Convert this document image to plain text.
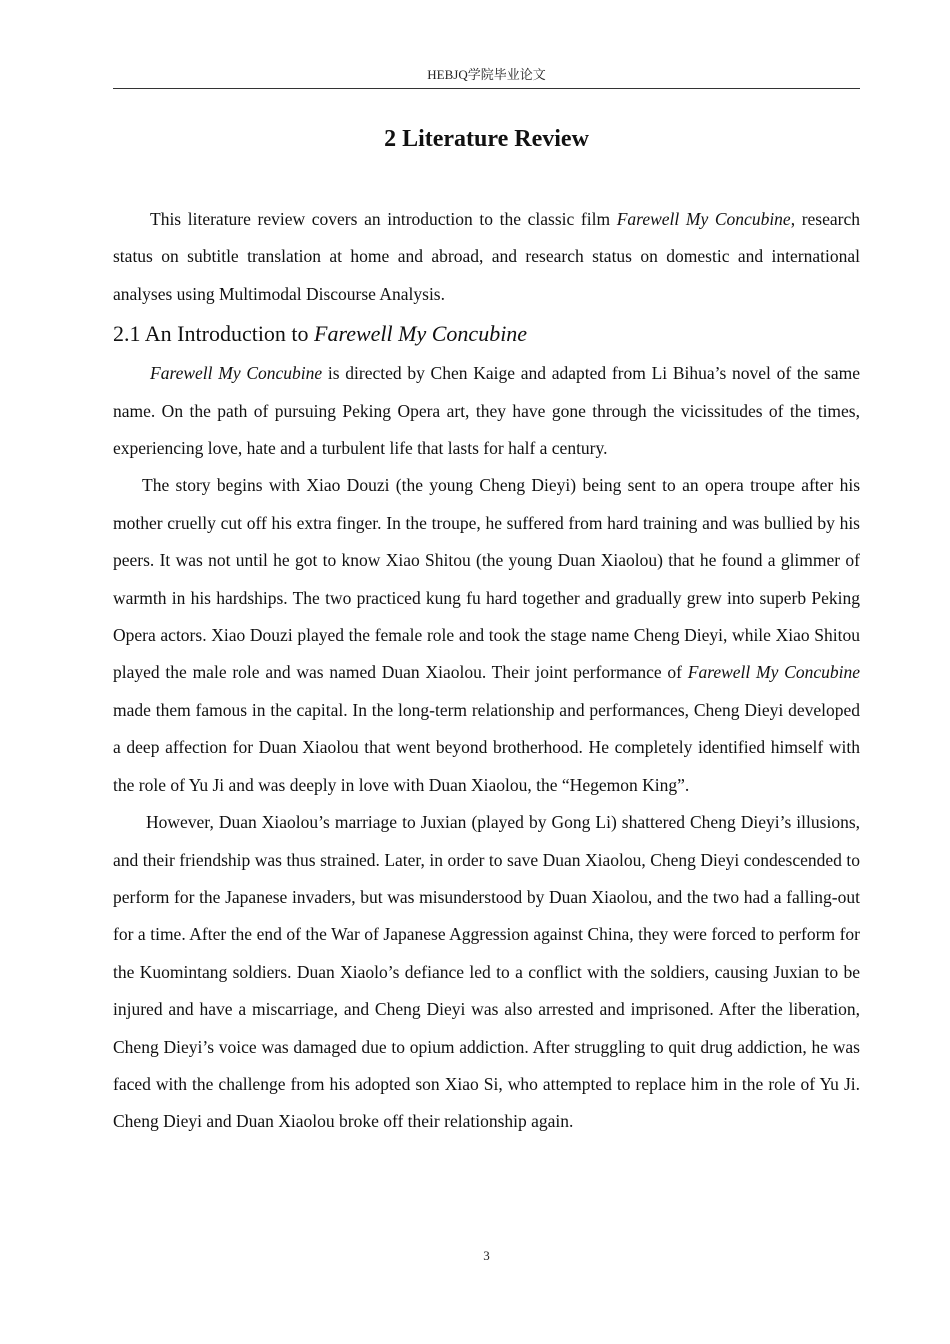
HEBJQ学院毕业论文
2 Literature Review

This literature review covers an introduction to the classic film Farewell My Concubine, research status on subtitle translation at home and abroad, and research status on domestic and international analyses using Multimodal Discourse Analysis.

2.1 An Introduction to Farewell My Concubine

Farewell My Concubine is directed by Chen Kaige and adapted from Li Bihua’s novel of the same name. On the path of pursuing Peking Opera art, they have gone through the vicissitudes of the times, experiencing love, hate and a turbulent life that lasts for half a century.

The story begins with Xiao Douzi (the young Cheng Dieyi) being sent to an opera troupe after his mother cruelly cut off his extra finger. In the troupe, he suffered from hard training and was bullied by his peers. It was not until he got to know Xiao Shitou (the young Duan Xiaolou) that he found a glimmer of warmth in his hardships. The two practiced kung fu hard together and gradually grew into superb Peking Opera actors. Xiao Douzi played the female role and took the stage name Cheng Dieyi, while Xiao Shitou played the male role and was named Duan Xiaolou. Their joint performance of Farewell My Concubine made them famous in the capital. In the long-term relationship and performances, Cheng Dieyi developed a deep affection for Duan Xiaolou that went beyond brotherhood. He completely identified himself with the role of Yu Ji and was deeply in love with Duan Xiaolou, the “Hegemon King”.

However, Duan Xiaolou’s marriage to Juxian (played by Gong Li) shattered Cheng Dieyi’s illusions, and their friendship was thus strained. Later, in order to save Duan Xiaolou, Cheng Dieyi condescended to perform for the Japanese invaders, but was misunderstood by Duan Xiaolou, and the two had a falling-out for a time. After the end of the War of Japanese Aggression against China, they were forced to perform for the Kuomintang soldiers. Duan Xiaolo’s defiance led to a conflict with the soldiers, causing Juxian to be injured and have a miscarriage, and Cheng Dieyi was also arrested and imprisoned. After the liberation, Cheng Dieyi’s voice was damaged due to opium addiction. After struggling to quit drug addiction, he was faced with the challenge from his adopted son Xiao Si, who attempted to replace him in the role of Yu Ji. Cheng Dieyi and Duan Xiaolou broke off their relationship again.

3
